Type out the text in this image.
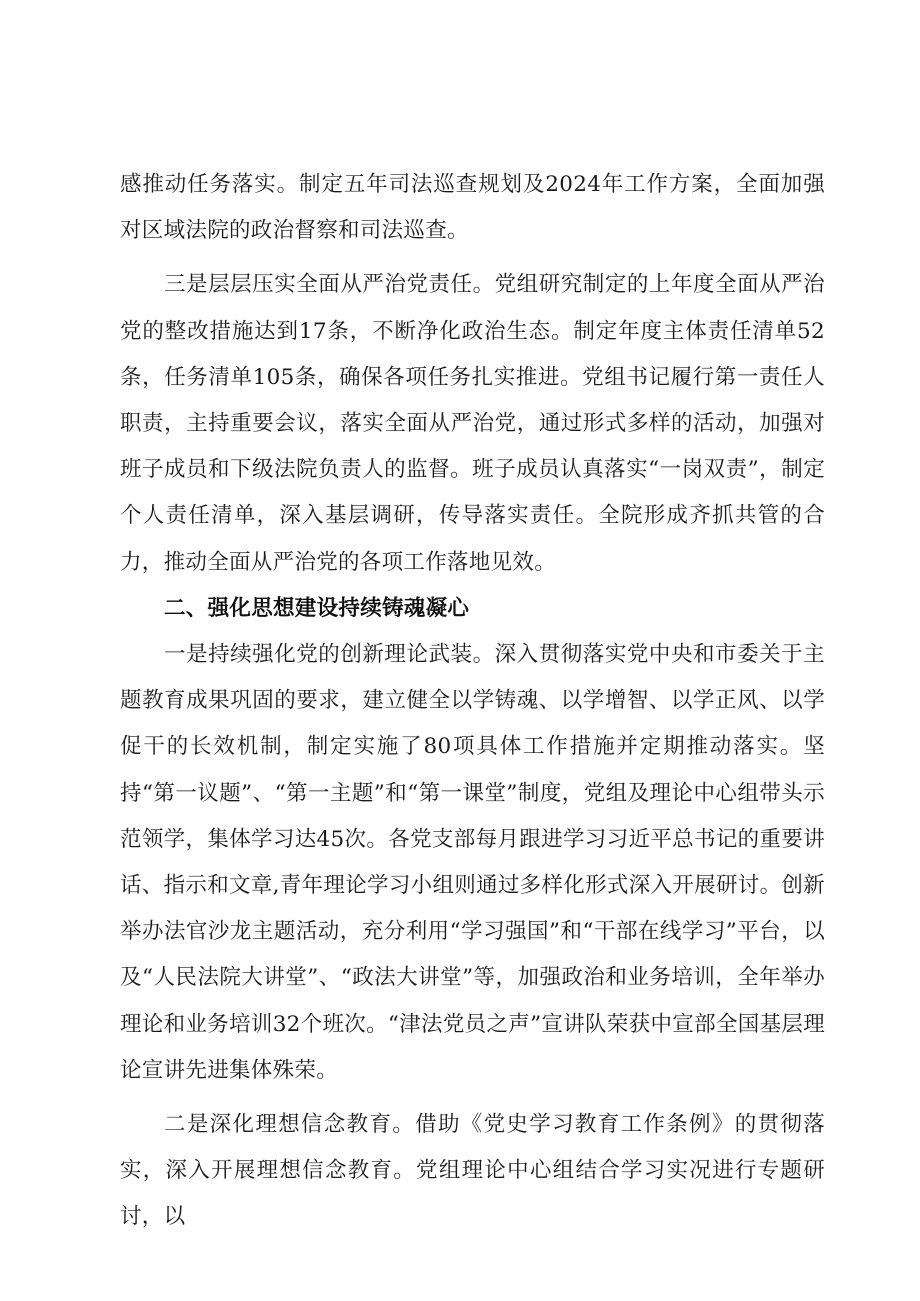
感推动任务落实。制定五年司法巡查规划及2024年工作方案，全面加强对区域法院的政治督察和司法巡查。

三是层层压实全面从严治党责任。党组研究制定的上年度全面从严治党的整改措施达到17条，不断净化政治生态。制定年度主体责任清单52条，任务清单105条，确保各项任务扎实推进。党组书记履行第一责任人职责，主持重要会议，落实全面从严治党，通过形式多样的活动，加强对班子成员和下级法院负责人的监督。班子成员认真落实“一岗双责”，制定个人责任清单，深入基层调研，传导落实责任。全院形成齐抓共管的合力，推动全面从严治党的各项工作落地见效。

二、强化思想建设持续铸魂凝心

一是持续强化党的创新理论武装。深入贯彻落实党中央和市委关于主题教育成果巩固的要求，建立健全以学铸魂、以学增智、以学正风、以学促干的长效机制，制定实施了80项具体工作措施并定期推动落实。坚持“第一议题”、“第一主题”和“第一课堂”制度，党组及理论中心组带头示范领学，集体学习达45次。各党支部每月跟进学习习近平总书记的重要讲话、指示和文章,青年理论学习小组则通过多样化形式深入开展研讨。创新举办法官沙龙主题活动，充分利用“学习强国”和“干部在线学习”平台，以及“人民法院大讲堂”、“政法大讲堂”等，加强政治和业务培训，全年举办理论和业务培训32个班次。“津法党员之声”宣讲队荣获中宣部全国基层理论宣讲先进集体殊荣。

二是深化理想信念教育。借助《党史学习教育工作条例》的贯彻落实，深入开展理想信念教育。党组理论中心组结合学习实况进行专题研讨，以
